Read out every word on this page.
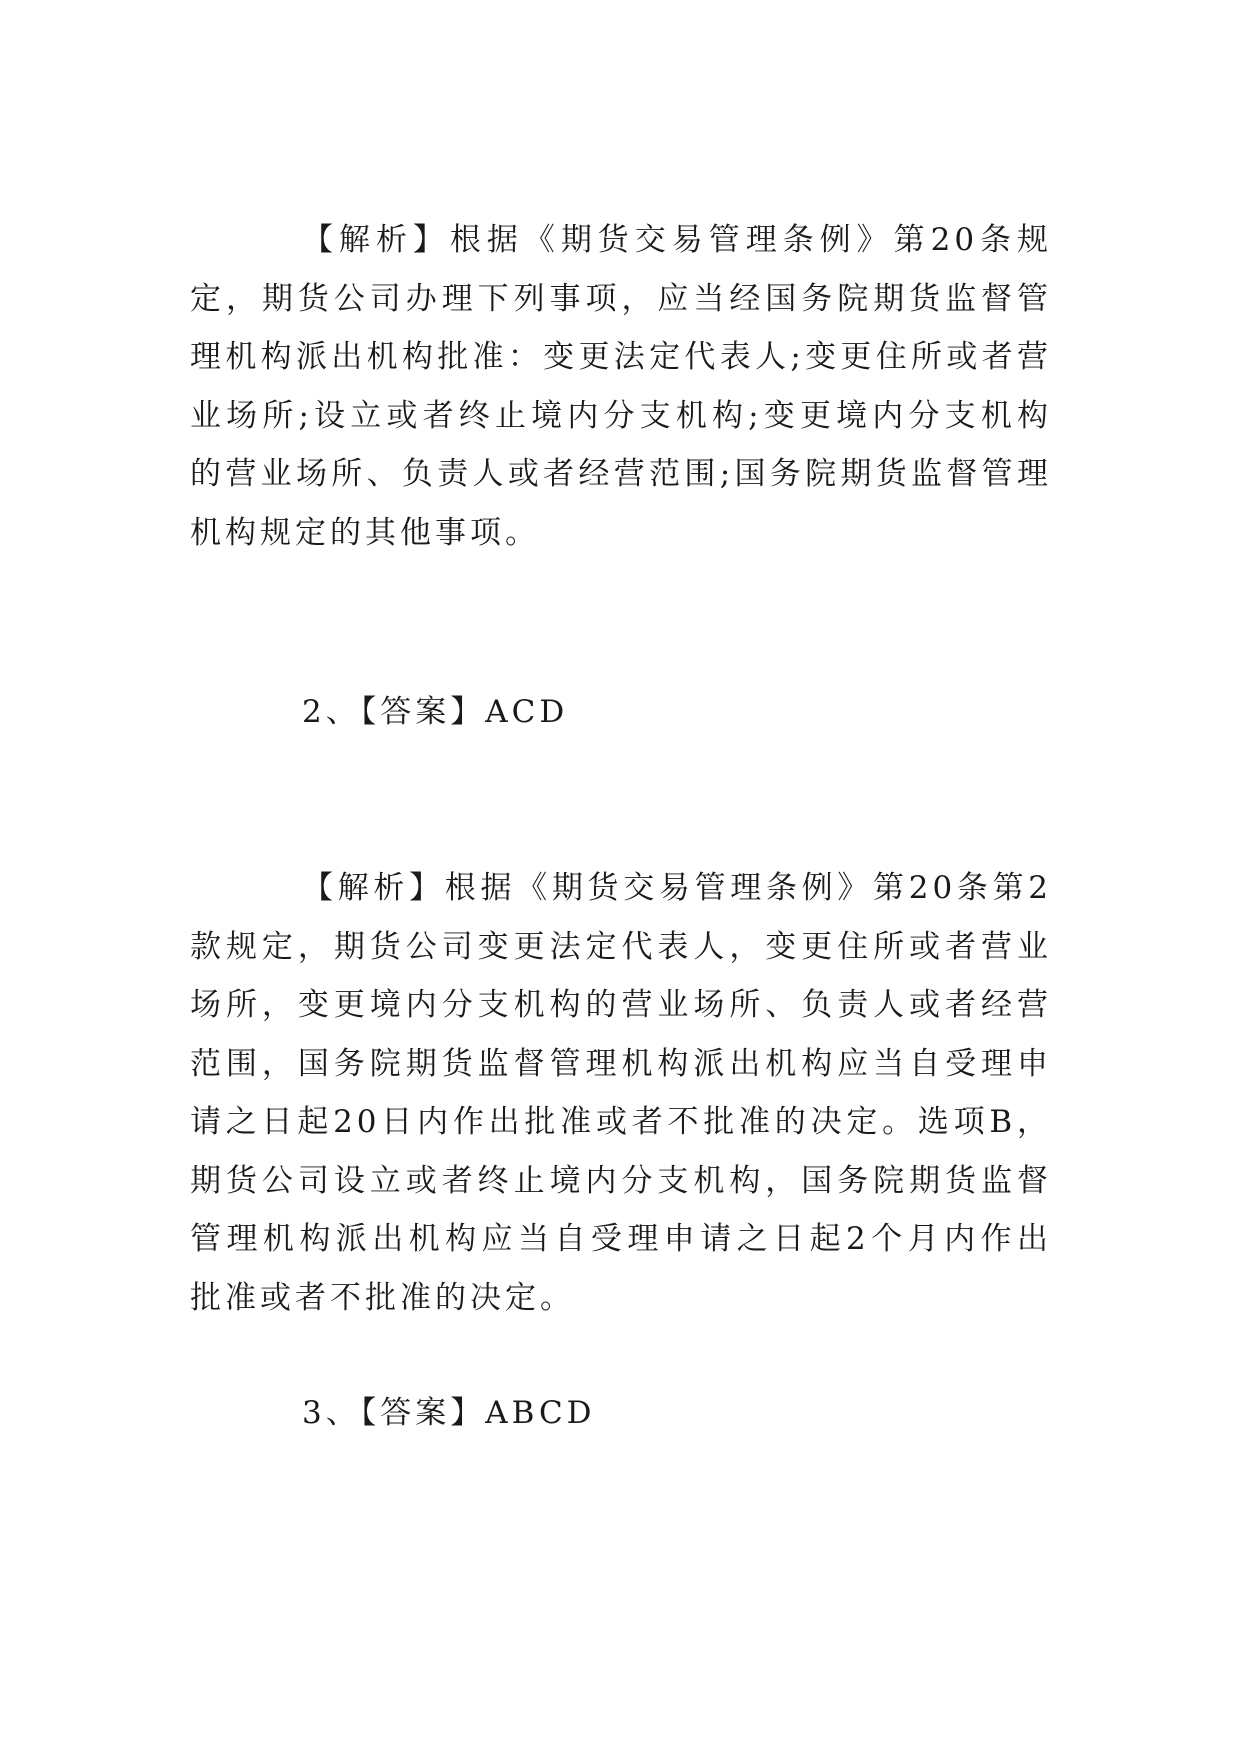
【解析】根据《期货交易管理条例》第20条规定，期货公司办理下列事项，应当经国务院期货监督管理机构派出机构批准：变更法定代表人;变更住所或者营业场所;设立或者终止境内分支机构;变更境内分支机构的营业场所、负责人或者经营范围;国务院期货监督管理机构规定的其他事项。

2、【答案】ACD

【解析】根据《期货交易管理条例》第20条第2款规定，期货公司变更法定代表人，变更住所或者营业场所，变更境内分支机构的营业场所、负责人或者经营范围，国务院期货监督管理机构派出机构应当自受理申请之日起20日内作出批准或者不批准的决定。选项B，期货公司设立或者终止境内分支机构，国务院期货监督管理机构派出机构应当自受理申请之日起2个月内作出批准或者不批准的决定。

3、【答案】ABCD
